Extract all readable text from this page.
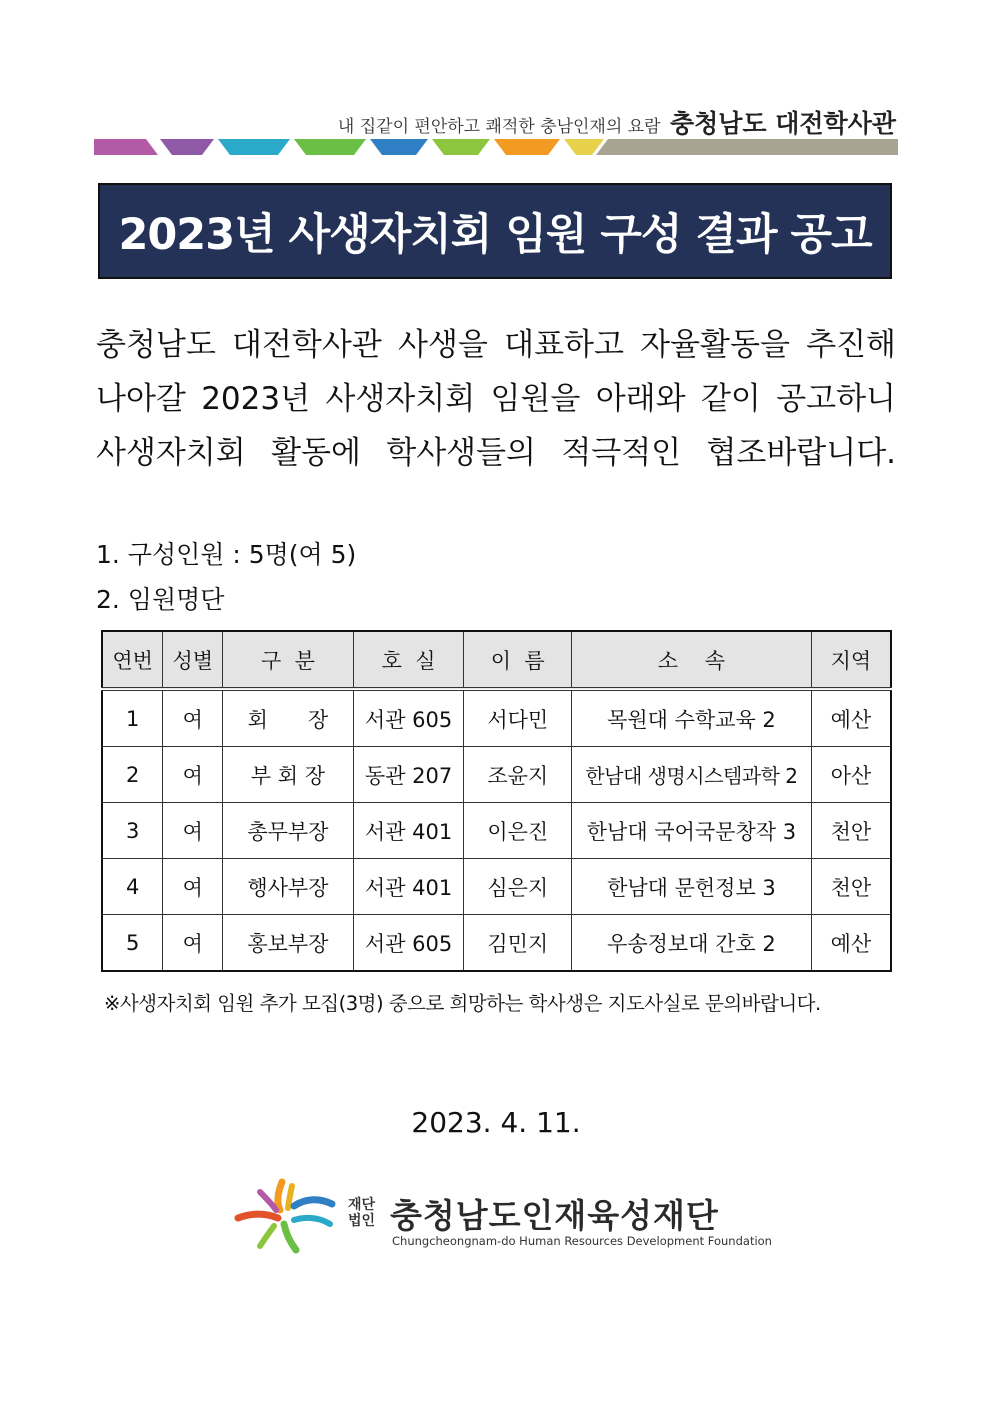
내 집같이 편안하고 쾌적한 충남인재의 요람 충청남도 대전학사관
2023년 사생자치회 임원 구성 결과 공고
충청남도 대전학사관 사생을 대표하고 자율활동을 추진해
나아갈 2023년 사생자치회 임원을 아래와 같이 공고하니
사생자치회 활동에 학사생들의 적극적인 협조바랍니다.
1. 구성인원 : 5명(여 5)
2. 임원명단
연번	성별	구  분	호  실	이  름	소    속	지역
1	여	회      장	서관 605	서다민	목원대 수학교육 2	예산
2	여	부 회 장	동관 207	조윤지	한남대 생명시스템과학 2	아산
3	여	총무부장	서관 401	이은진	한남대 국어국문창작 3	천안
4	여	행사부장	서관 401	심은지	한남대 문헌정보 3	천안
5	여	홍보부장	서관 605	김민지	우송정보대 간호 2	예산
※사생자치회 임원 추가 모집(3명) 중으로 희망하는 학사생은 지도사실로 문의바랍니다.
2023. 4. 11.
재단
법인 충청남도인재육성재단
Chungcheongnam-do Human Resources Development Foundation
